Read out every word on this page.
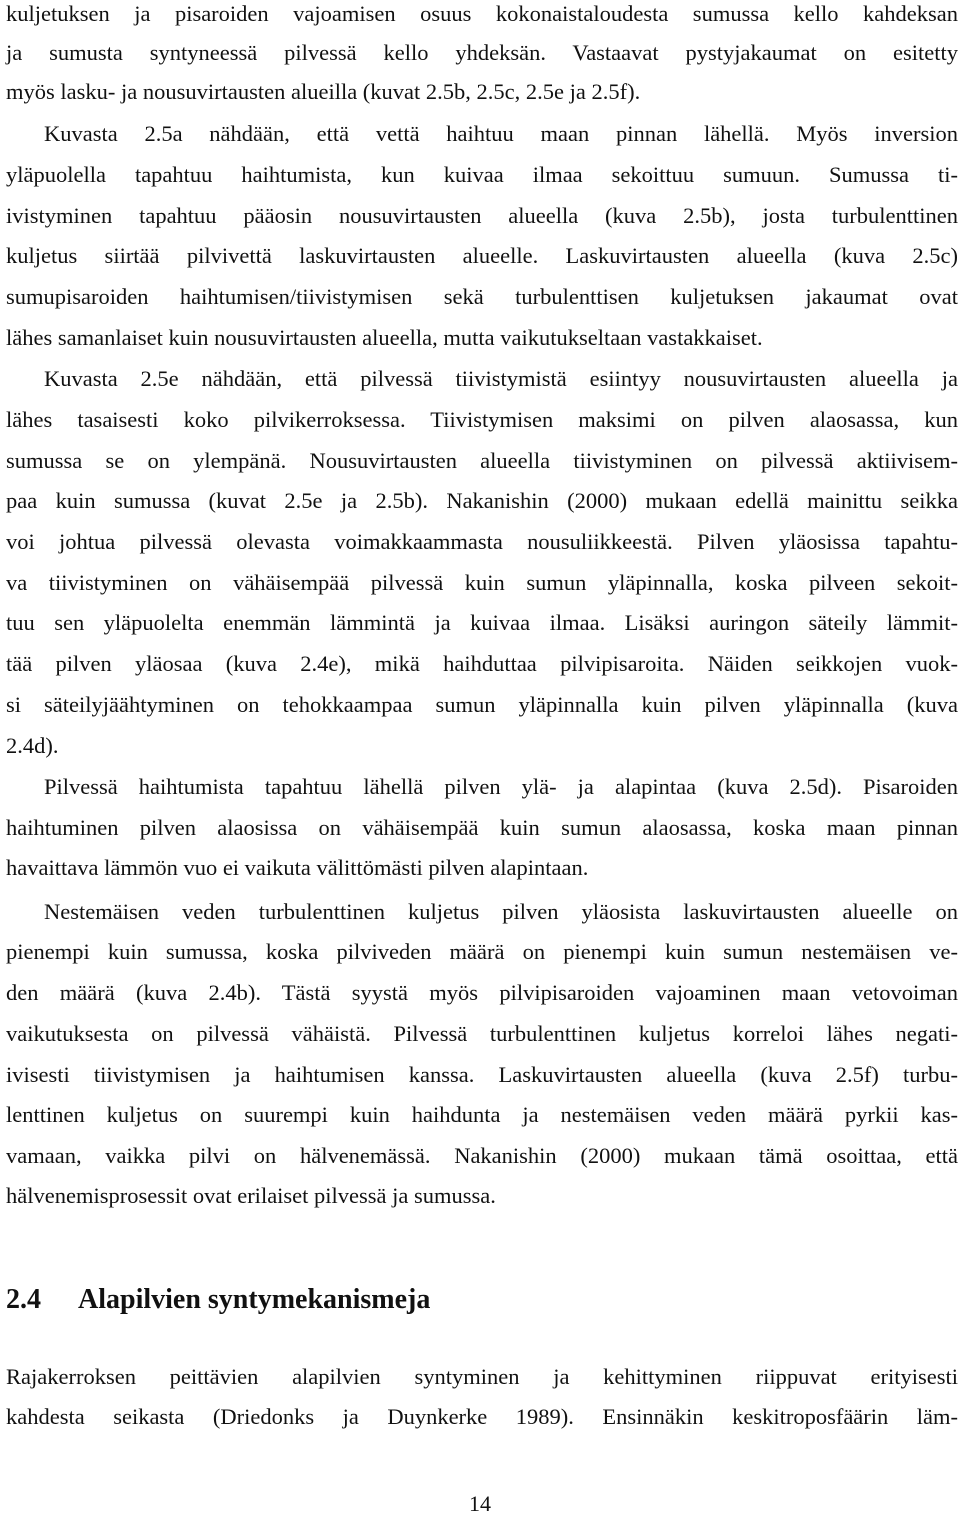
kuljetuksen ja pisaroiden vajoamisen osuus kokonaistaloudesta sumussa kello kahdeksan
ja sumusta syntyneessä pilvessä kello yhdeksän. Vastaavat pystyjakaumat on esitetty
myös lasku- ja nousuvirtausten alueilla (kuvat 2.5b, 2.5c, 2.5e ja 2.5f).
Kuvasta 2.5a nähdään, että vettä haihtuu maan pinnan lähellä. Myös inversion
yläpuolella tapahtuu haihtumista, kun kuivaa ilmaa sekoittuu sumuun. Sumussa ti-
ivistyminen tapahtuu pääosin nousuvirtausten alueella (kuva 2.5b), josta turbulenttinen
kuljetus siirtää pilvivettä laskuvirtausten alueelle. Laskuvirtausten alueella (kuva 2.5c)
sumupisaroiden haihtumisen/tiivistymisen sekä turbulenttisen kuljetuksen jakaumat ovat
lähes samanlaiset kuin nousuvirtausten alueella, mutta vaikutukseltaan vastakkaiset.
Kuvasta 2.5e nähdään, että pilvessä tiivistymistä esiintyy nousuvirtausten alueella ja
lähes tasaisesti koko pilvikerroksessa. Tiivistymisen maksimi on pilven alaosassa, kun
sumussa se on ylempänä. Nousuvirtausten alueella tiivistyminen on pilvessä aktiivisem-
paa kuin sumussa (kuvat 2.5e ja 2.5b). Nakanishin (2000) mukaan edellä mainittu seikka
voi johtua pilvessä olevasta voimakkaammasta nousuliikkeestä. Pilven yläosissa tapahtu-
va tiivistyminen on vähäisempää pilvessä kuin sumun yläpinnalla, koska pilveen sekoit-
tuu sen yläpuolelta enemmän lämmintä ja kuivaa ilmaa. Lisäksi auringon säteily lämmit-
tää pilven yläosaa (kuva 2.4e), mikä haihduttaa pilvipisaroita. Näiden seikkojen vuok-
si säteilyjäähtyminen on tehokkaampaa sumun yläpinnalla kuin pilven yläpinnalla (kuva
2.4d).
Pilvessä haihtumista tapahtuu lähellä pilven ylä- ja alapintaa (kuva 2.5d). Pisaroiden
haihtuminen pilven alaosissa on vähäisempää kuin sumun alaosassa, koska maan pinnan
havaittava lämmön vuo ei vaikuta välittömästi pilven alapintaan.
Nestemäisen veden turbulenttinen kuljetus pilven yläosista laskuvirtausten alueelle on
pienempi kuin sumussa, koska pilviveden määrä on pienempi kuin sumun nestemäisen ve-
den määrä (kuva 2.4b). Tästä syystä myös pilvipisaroiden vajoaminen maan vetovoiman
vaikutuksesta on pilvessä vähäistä. Pilvessä turbulenttinen kuljetus korreloi lähes negati-
ivisesti tiivistymisen ja haihtumisen kanssa. Laskuvirtausten alueella (kuva 2.5f) turbu-
lenttinen kuljetus on suurempi kuin haihdunta ja nestemäisen veden määrä pyrkii kas-
vamaan, vaikka pilvi on hälvenemässä. Nakanishin (2000) mukaan tämä osoittaa, että
hälvenemisprosessit ovat erilaiset pilvessä ja sumussa.
2.4 Alapilvien syntymekanismeja
Rajakerroksen peittävien alapilvien syntyminen ja kehittyminen riippuvat erityisesti
kahdesta seikasta (Driedonks ja Duynkerke 1989). Ensinnäkin keskitroposfäärin läm-
14
